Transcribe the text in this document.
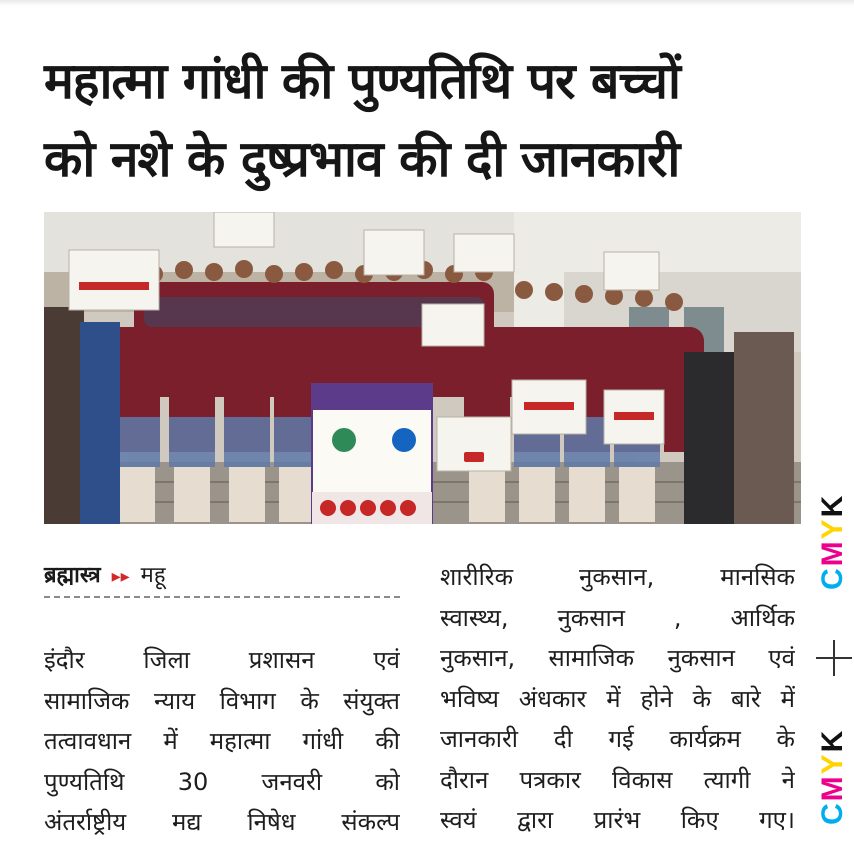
महात्मा गांधी की पुण्यतिथि पर बच्चों
को नशे के दुष्प्रभाव की दी जानकारी
ब्रह्मास्त्र ▸▸ महू
इंदौर जिला प्रशासन एवं
सामाजिक न्याय विभाग के संयुक्त
तत्वावधान में महात्मा गांधी की
पुण्यतिथि 30 जनवरी को
अंतर्राष्ट्रीय मद्य निषेध संकल्प
शारीरिक नुकसान, मानसिक
स्वास्थ्य, नुकसान , आर्थिक
नुकसान, सामाजिक नुकसान एवं
भविष्य अंधकार में होने के बारे में
जानकारी दी गई कार्यक्रम के
दौरान पत्रकार विकास त्यागी ने
स्वयं द्वारा प्रारंभ किए गए।
CMYK
CMYK
